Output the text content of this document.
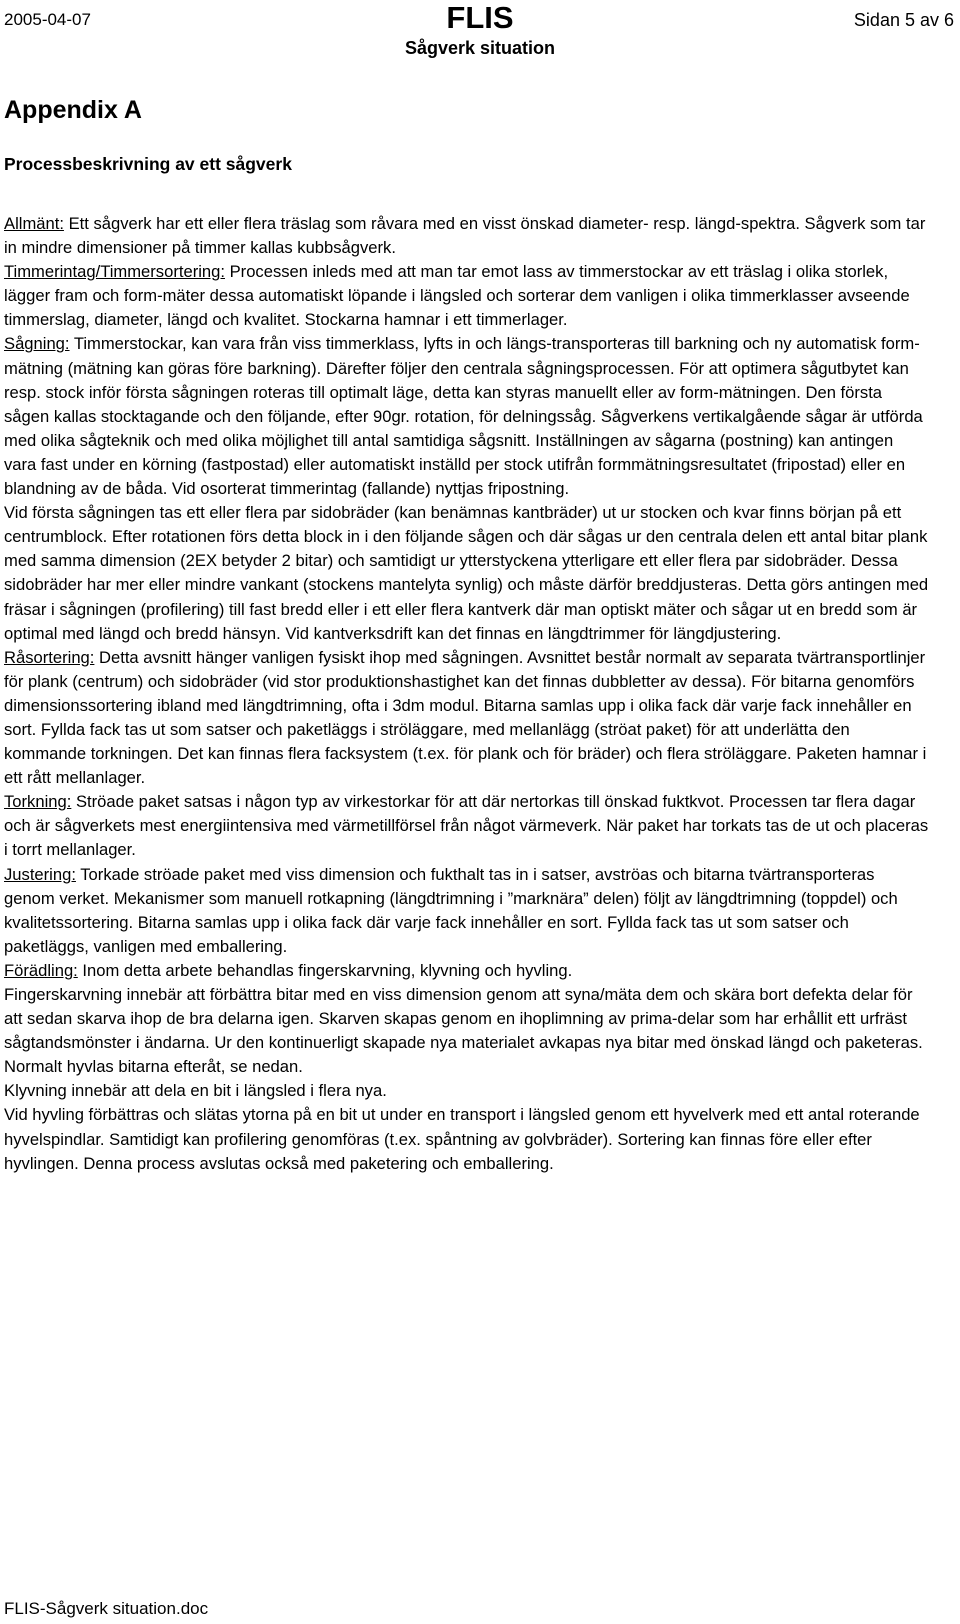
2005-04-07	FLIS
Sågverk situation
Sidan 5 av 6
Appendix A
Processbeskrivning av ett sågverk

Allmänt: Ett sågverk har ett eller flera träslag som råvara med en visst önskad diameter- resp. längd-spektra. Sågverk som tar in mindre dimensioner på timmer kallas kubbsågverk.

Timmerintag/Timmersortering: Processen inleds med att man tar emot lass av timmerstockar av ett träslag i olika storlek, lägger fram och form-mäter dessa automatiskt löpande i längsled och sorterar dem vanligen i olika timmerklasser avseende timmerslag, diameter, längd och kvalitet. Stockarna hamnar i ett timmerlager.

Sågning: Timmerstockar, kan vara från viss timmerklass, lyfts in och längs-transporteras till barkning och ny automatisk form-mätning (mätning kan göras före barkning). Därefter följer den centrala sågningsprocessen. För att optimera sågutbytet kan resp. stock inför första sågningen roteras till optimalt läge, detta kan styras manuellt eller av form-mätningen. Den första sågen kallas stocktagande och den följande, efter 90gr. rotation, för delningssåg. Sågverkens vertikalgående sågar är utförda med olika sågteknik och med olika möjlighet till antal samtidiga sågsnitt. Inställningen av sågarna (postning) kan antingen vara fast under en körning (fastpostad) eller automatiskt inställd per stock utifrån formmätningsresultatet (fripostad) eller en blandning av de båda. Vid osorterat timmerintag (fallande) nyttjas fripostning.

Vid första sågningen tas ett eller flera par sidobräder (kan benämnas kantbräder) ut ur stocken och kvar finns början på ett centrumblock. Efter rotationen förs detta block in i den följande sågen och där sågas ur den centrala delen ett antal bitar plank med samma dimension (2EX betyder 2 bitar) och samtidigt ur ytterstyckena ytterligare ett eller flera par sidobräder. Dessa sidobräder har mer eller mindre vankant (stockens mantelyta synlig) och måste därför breddjusteras. Detta görs antingen med fräsar i sågningen (profilering) till fast bredd eller i ett eller flera kantverk där man optiskt mäter och sågar ut en bredd som är optimal med längd och bredd hänsyn. Vid kantverksdrift kan det finnas en längdtrimmer för längdjustering.

Råsortering: Detta avsnitt hänger vanligen fysiskt ihop med sågningen. Avsnittet består normalt av separata tvärtransportlinjer för plank (centrum) och sidobräder (vid stor produktionshastighet kan det finnas dubbletter av dessa). För bitarna genomförs dimensionssortering ibland med längdtrimning, ofta i 3dm modul. Bitarna samlas upp i olika fack där varje fack innehåller en sort. Fyllda fack tas ut som satser och paketläggs i ströläggare, med mellanlägg (ströat paket) för att underlätta den kommande torkningen. Det kan finnas flera facksystem (t.ex. för plank och för bräder) och flera ströläggare. Paketen hamnar i ett rått mellanlager.

Torkning: Ströade paket satsas i någon typ av virkestorkar för att där nertorkas till önskad fuktkvot. Processen tar flera dagar och är sågverkets mest energiintensiva med värmetillförsel från något värmeverk. När paket har torkats tas de ut och placeras i torrt mellanlager.

Justering: Torkade ströade paket med viss dimension och fukthalt tas in i satser, avströas och bitarna tvärtransporteras genom verket. Mekanismer som manuell rotkapning (längdtrimning i ”marknära” delen) följt av längdtrimning (toppdel) och kvalitetssortering. Bitarna samlas upp i olika fack där varje fack innehåller en sort. Fyllda fack tas ut som satser och paketläggs, vanligen med emballering.

Förädling: Inom detta arbete behandlas fingerskarvning, klyvning och hyvling.

Fingerskarvning innebär att förbättra bitar med en viss dimension genom att syna/mäta dem och skära bort defekta delar för att sedan skarva ihop de bra delarna igen. Skarven skapas genom en ihoplimning av prima-delar som har erhållit ett urfräst sågtandsmönster i ändarna. Ur den kontinuerligt skapade nya materialet avkapas nya bitar med önskad längd och paketeras. Normalt hyvlas bitarna efteråt, se nedan.

Klyvning innebär att dela en bit i längsled i flera nya.

Vid hyvling förbättras och slätas ytorna på en bit ut under en transport i längsled genom ett hyvelverk med ett antal roterande hyvelspindlar. Samtidigt kan profilering genomföras (t.ex. spåntning av golvbräder). Sortering kan finnas före eller efter hyvlingen. Denna process avslutas också med paketering och emballering.

FLIS-Sågverk situation.doc
